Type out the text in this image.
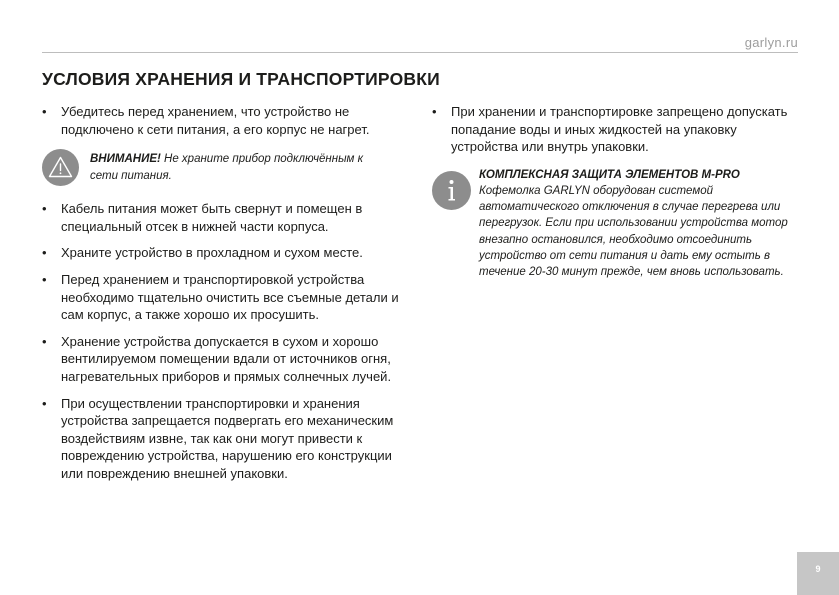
garlyn.ru
УСЛОВИЯ ХРАНЕНИЯ И ТРАНСПОРТИРОВКИ
• Убедитесь перед хранением, что устройство не подключено к сети питания, а его корпус не нагрет.
ВНИМАНИЕ! Не храните прибор подключённым к сети питания.
• Кабель питания может быть свернут и помещен в специальный отсек в нижней части корпуса.
• Храните устройство в прохладном и сухом месте.
• Перед хранением и транспортировкой устройства необходимо тщательно очистить все съемные детали и сам корпус, а также хорошо их просушить.
• Хранение устройства допускается в сухом и хорошо вентилируемом помещении вдали от источников огня, нагревательных приборов и прямых солнечных лучей.
• При осуществлении транспортировки и хранения устройства запрещается подвергать его механическим воздействиям извне, так как они могут привести к повреждению устройства, нарушению его конструкции или повреждению внешней упаковки.
• При хранении и транспортировке запрещено допускать попадание воды и иных жидкостей на упаковку устройства или внутрь упаковки.
КОМПЛЕКСНАЯ ЗАЩИТА ЭЛЕМЕНТОВ M-PRO
Кофемолка GARLYN оборудован системой автоматического отключения в случае перегрева или перегрузок. Если при использовании устройства мотор внезапно остановился, необходимо отсоединить устройство от сети питания и дать ему остыть в течение 20-30 минут прежде, чем вновь использовать.
9
